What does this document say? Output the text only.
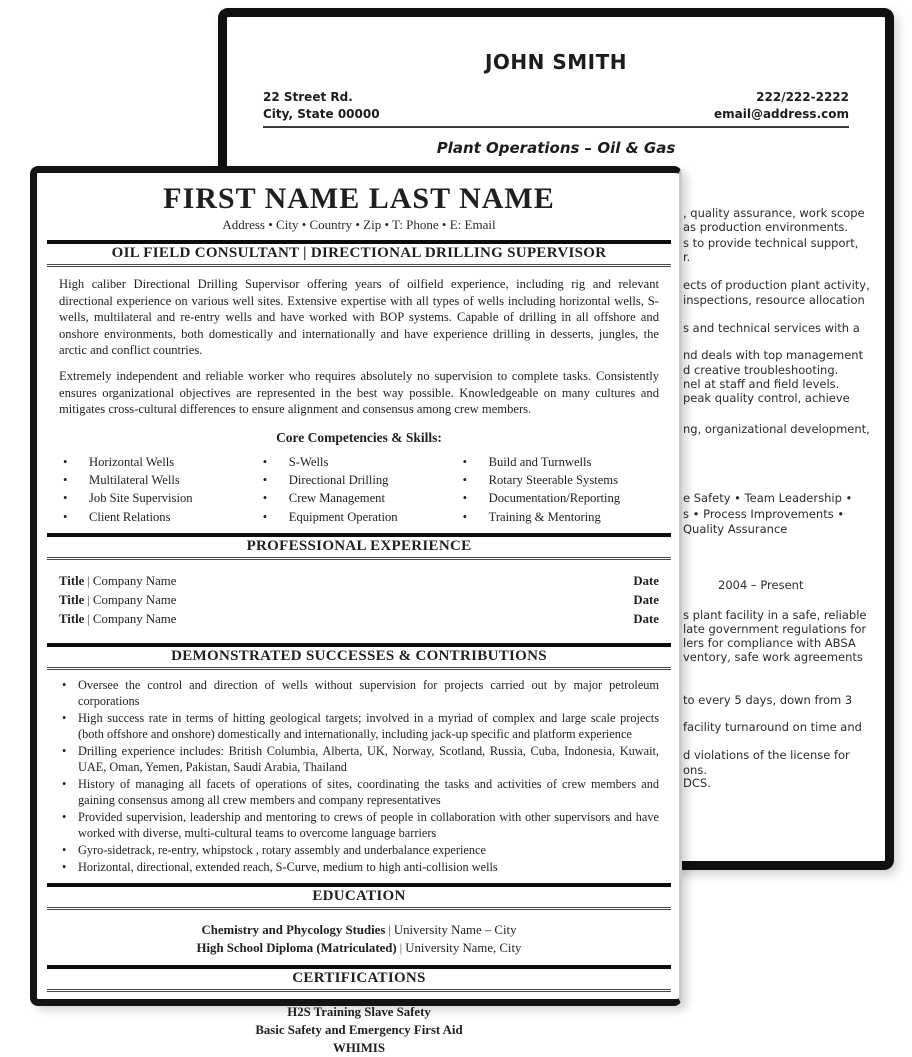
JOHN SMITH
22 Street Rd.
City, State 00000
222/222-2222
email@address.com
Plant Operations – Oil & Gas
, quality assurance, work scope
as production environments.
s to provide technical support,
r.
ects of production plant activity,
inspections, resource allocation
s and technical services with a
nd deals with top management
d creative troubleshooting.
nel at staff and field levels.
peak quality control, achieve
ng, organizational development,
e Safety • Team Leadership •
s • Process Improvements •
Quality Assurance
2004 – Present
s plant facility in a safe, reliable
late government regulations for
lers for compliance with ABSA
ventory, safe work agreements
to every 5 days, down from 3
facility turnaround on time and
d violations of the license for
ons.
DCS.
FIRST NAME LAST NAME
Address • City • Country • Zip • T: Phone • E: Email
OIL FIELD CONSULTANT | DIRECTIONAL DRILLING SUPERVISOR
High caliber Directional Drilling Supervisor offering years of oilfield experience, including rig and relevant directional experience on various well sites. Extensive expertise with all types of wells including horizontal wells, S-wells, multilateral and re-entry wells and have worked with BOP systems. Capable of drilling in all offshore and onshore environments, both domestically and internationally and have experience drilling in desserts, jungles, the arctic and conflict countries.
Extremely independent and reliable worker who requires absolutely no supervision to complete tasks. Consistently ensures organizational objectives are represented in the best way possible. Knowledgeable on many cultures and mitigates cross-cultural differences to ensure alignment and consensus among crew members.
Core Competencies & Skills:
• Horizontal Wells
• Multilateral Wells
• Job Site Supervision
• Client Relations
• S-Wells
• Directional Drilling
• Crew Management
• Equipment Operation
• Build and Turnwells
• Rotary Steerable Systems
• Documentation/Reporting
• Training & Mentoring
PROFESSIONAL EXPERIENCE
Title | Company Name	Date
Title | Company Name	Date
Title | Company Name	Date
DEMONSTRATED SUCCESSES & CONTRIBUTIONS
• Oversee the control and direction of wells without supervision for projects carried out by major petroleum corporations
• High success rate in terms of hitting geological targets; involved in a myriad of complex and large scale projects (both offshore and onshore) domestically and internationally, including jack-up specific and platform experience
• Drilling experience includes: British Columbia, Alberta, UK, Norway, Scotland, Russia, Cuba, Indonesia, Kuwait, UAE, Oman, Yemen, Pakistan, Saudi Arabia, Thailand
• History of managing all facets of operations of sites, coordinating the tasks and activities of crew members and gaining consensus among all crew members and company representatives
• Provided supervision, leadership and mentoring to crews of people in collaboration with other supervisors and have worked with diverse, multi-cultural teams to overcome language barriers
• Gyro-sidetrack, re-entry, whipstock , rotary assembly and underbalance experience
• Horizontal, directional, extended reach, S-Curve, medium to high anti-collision wells
EDUCATION
Chemistry and Phycology Studies | University Name – City
High School Diploma (Matriculated) | University Name, City
CERTIFICATIONS
H2S Training Slave Safety
Basic Safety and Emergency First Aid
WHIMIS
